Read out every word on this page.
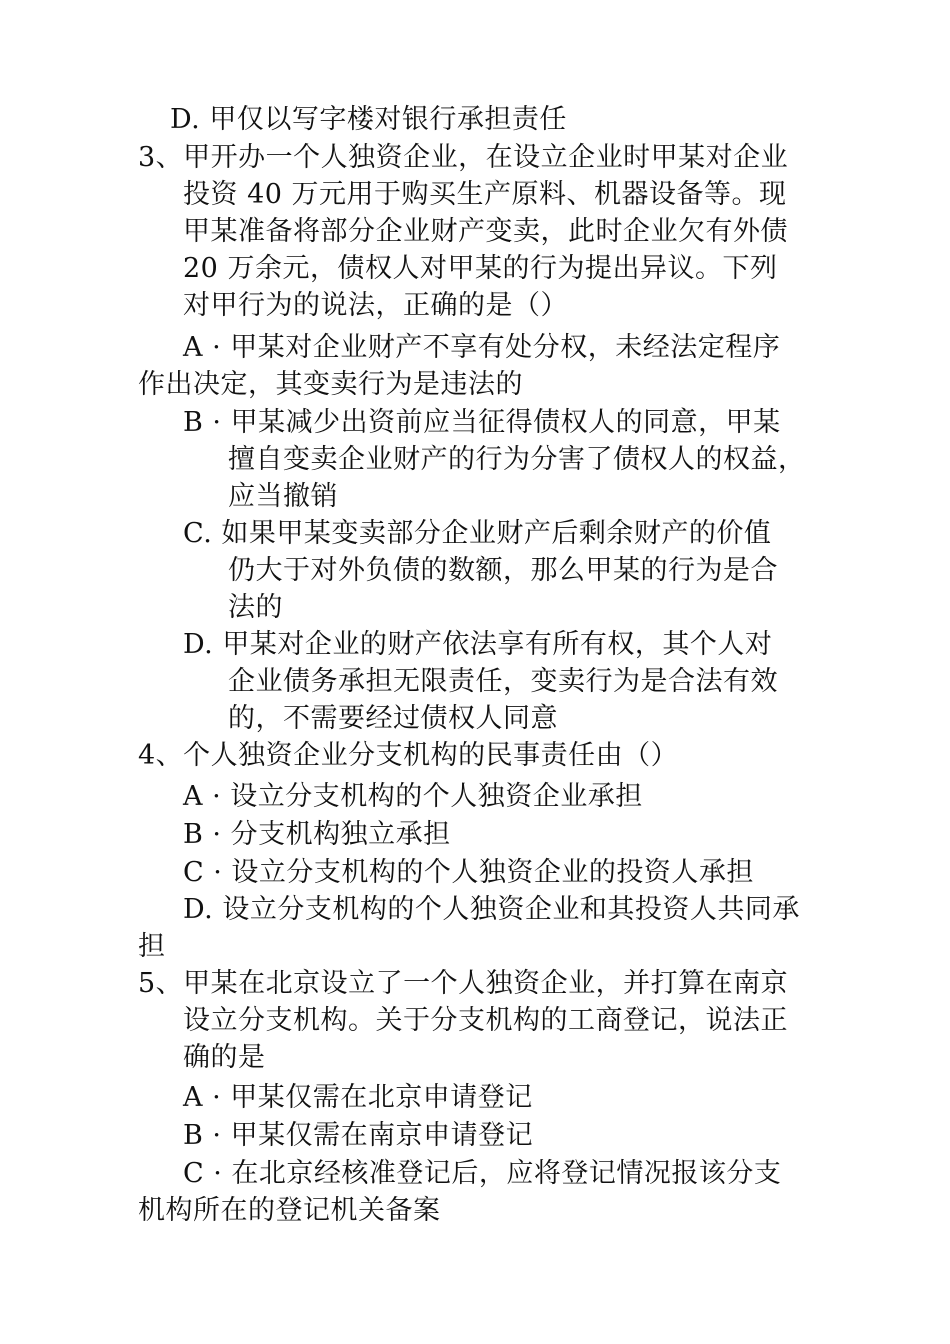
D. 甲仅以写字楼对银行承担责任
3、甲开办一个人独资企业，在设立企业时甲某对企业
投资 40 万元用于购买生产原料、机器设备等。现
甲某准备将部分企业财产变卖，此时企业欠有外债
20 万余元，债权人对甲某的行为提出异议。下列
对甲行为的说法，正确的是（）
A · 甲某对企业财产不享有处分权，未经法定程序
作出决定，其变卖行为是违法的
B · 甲某减少出资前应当征得债权人的同意，甲某
擅自变卖企业财产的行为分害了债权人的权益，
应当撤销
C. 如果甲某变卖部分企业财产后剩余财产的价值
仍大于对外负债的数额，那么甲某的行为是合
法的
D. 甲某对企业的财产依法享有所有权，其个人对
企业债务承担无限责任，变卖行为是合法有效
的，不需要经过债权人同意
4、个人独资企业分支机构的民事责任由（）
A · 设立分支机构的个人独资企业承担
B · 分支机构独立承担
C · 设立分支机构的个人独资企业的投资人承担
D. 设立分支机构的个人独资企业和其投资人共同承
担
5、甲某在北京设立了一个人独资企业，并打算在南京
设立分支机构。关于分支机构的工商登记，说法正
确的是
A · 甲某仅需在北京申请登记
B · 甲某仅需在南京申请登记
C · 在北京经核准登记后，应将登记情况报该分支
机构所在的登记机关备案
